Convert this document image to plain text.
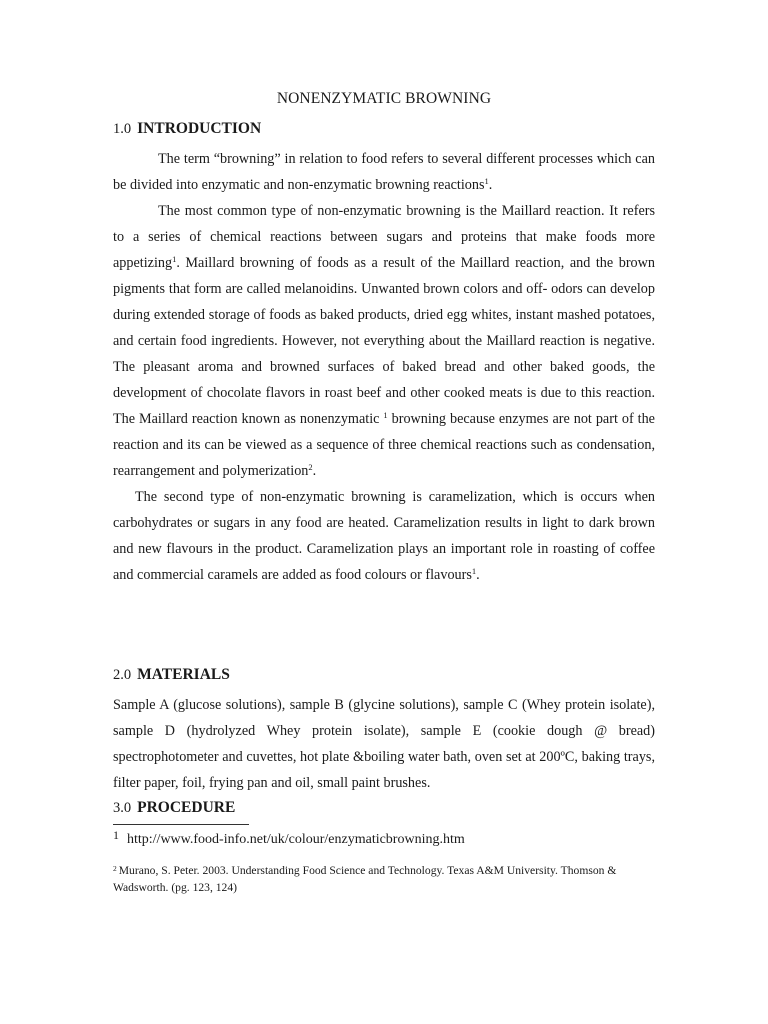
NONENZYMATIC BROWNING
1.0 INTRODUCTION

The term “browning” in relation to food refers to several different processes which can be divided into enzymatic and non-enzymatic browning reactions$^1$.

The most common type of non-enzymatic browning is the Maillard reaction. It refers to a series of chemical reactions between sugars and proteins that make foods more appetizing$^1$. Maillard browning of foods as a result of the Maillard reaction, and the brown pigments that form are called melanoidins. Unwanted brown colors and off- odors can develop during extended storage of foods as baked products, dried egg whites, instant mashed potatoes, and certain food ingredients. However, not everything about the Maillard reaction is negative. The pleasant aroma and browned surfaces of baked bread and other baked goods, the development of chocolate flavors in roast beef and other cooked meats is due to this reaction. The Maillard reaction known as nonenzymatic $^1$ browning because enzymes are not part of the reaction and its can be viewed as a sequence of three chemical reactions such as condensation, rearrangement and polymerization$^2$.

The second type of non-enzymatic browning is caramelization, which is occurs when carbohydrates or sugars in any food are heated. Caramelization results in light to dark brown and new flavours in the product. Caramelization plays an important role in roasting of coffee and commercial caramels are added as food colours or flavours$^1$.

2.0 MATERIALS

Sample A (glucose solutions), sample B (glycine solutions), sample C (Whey protein isolate), sample D (hydrolyzed Whey protein isolate), sample E (cookie dough @ bread) spectrophotometer and cuvettes, hot plate &boiling water bath, oven set at 200ºC, baking trays, filter paper, foil, frying pan and oil, small paint brushes.

3.0 PROCEDURE
1 http://www.food-info.net/uk/colour/enzymaticbrowning.htm
$^2$ Murano, S. Peter. 2003. Understanding Food Science and Technology. Texas A&M University. Thomson & Wadsworth. (pg. 123, 124)
